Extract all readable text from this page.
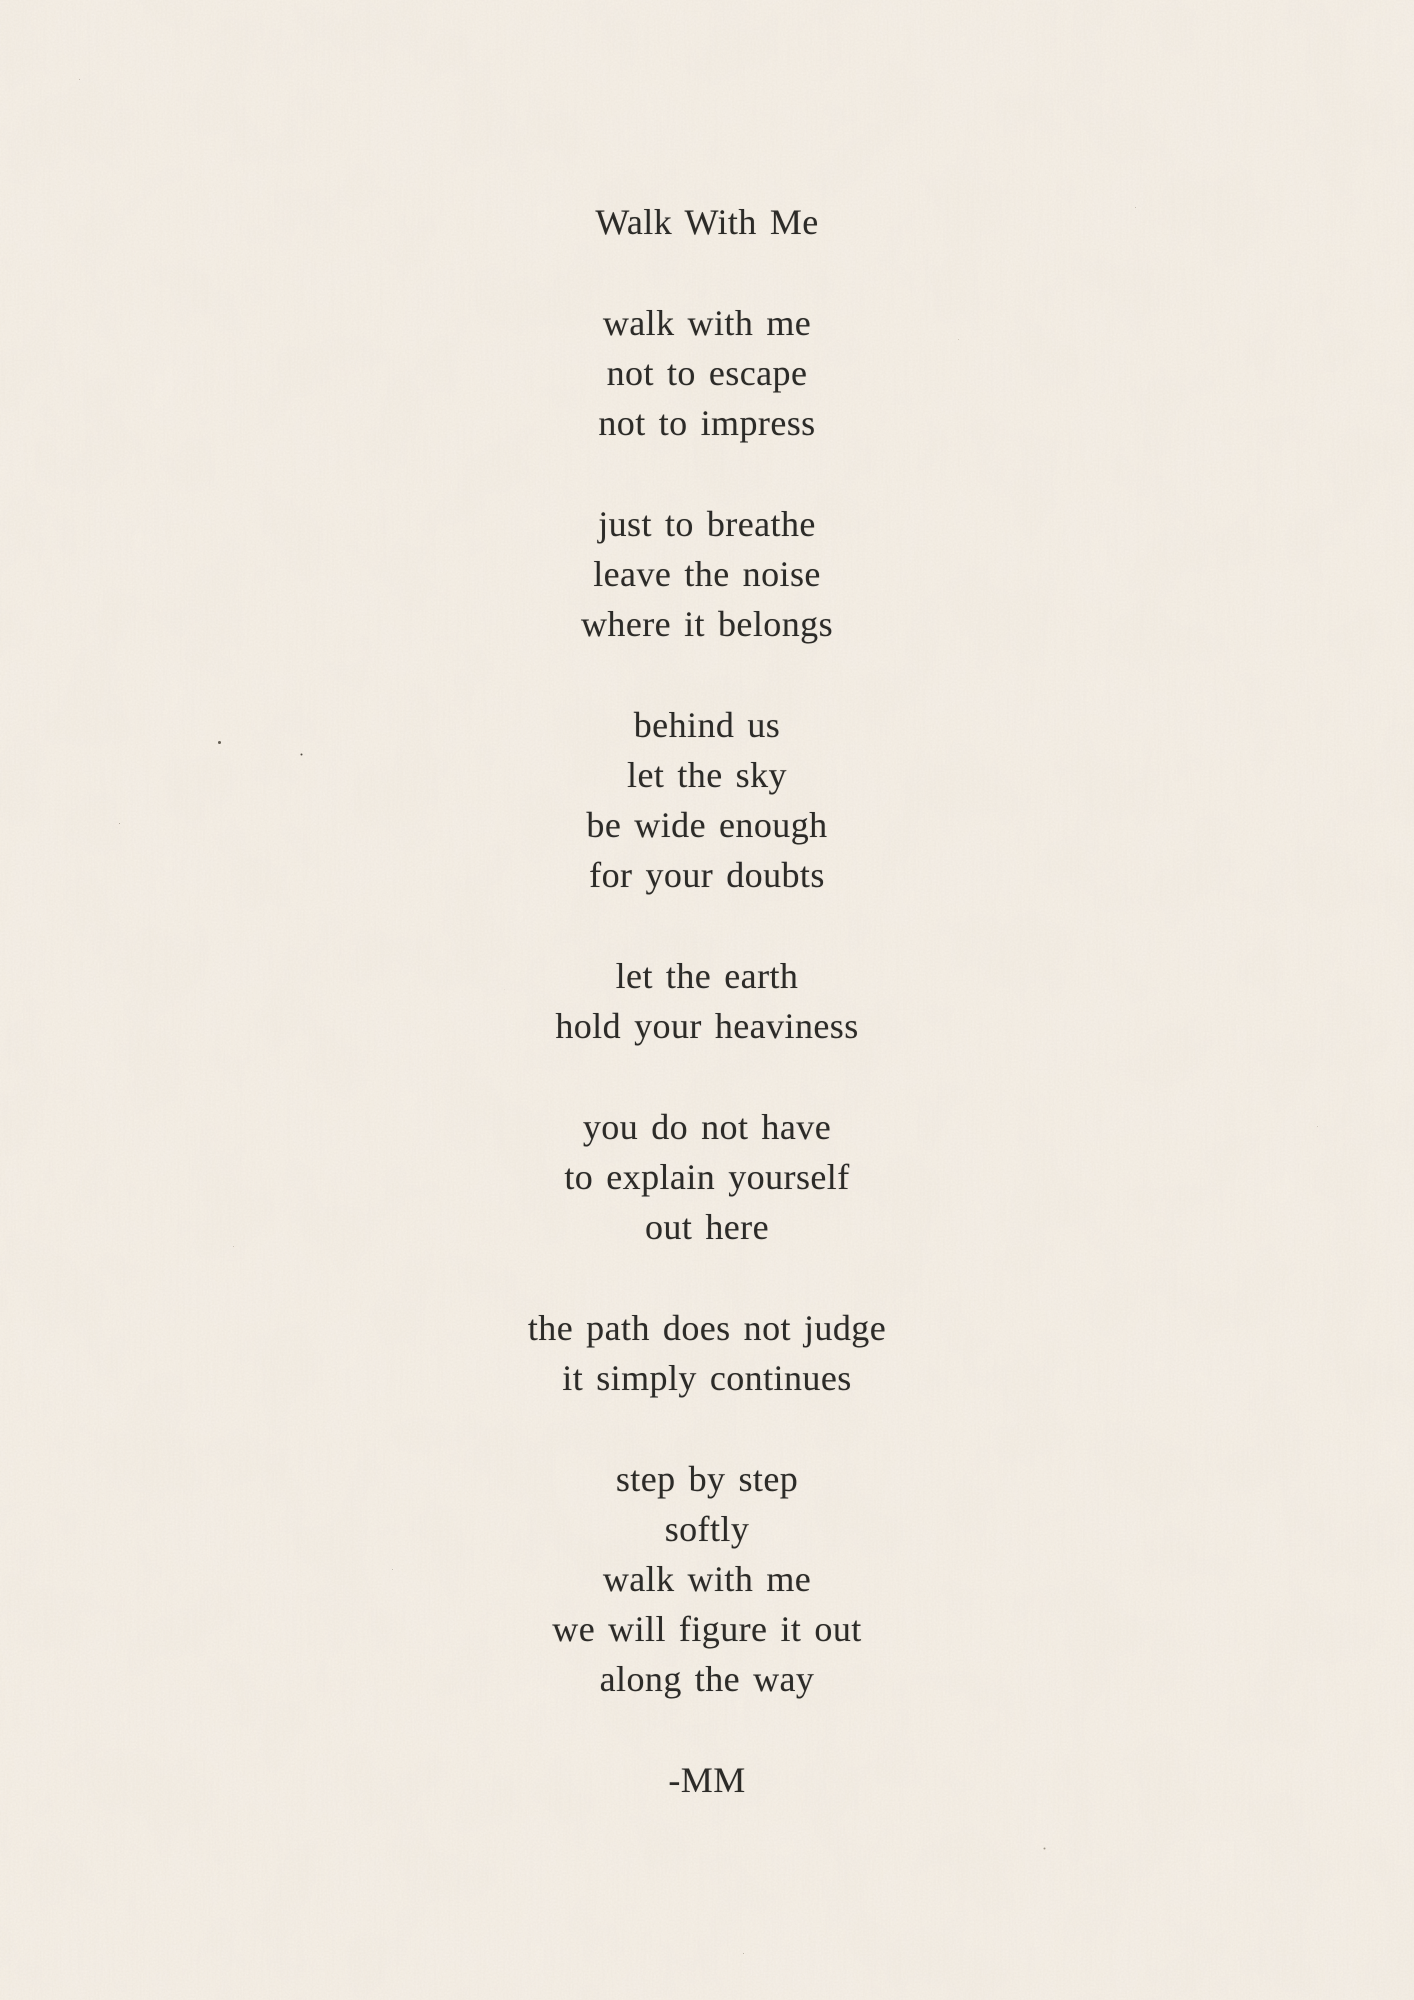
Walk With Me

walk with me

not to escape

not to impress

just to breathe

leave the noise

where it belongs

behind us

let the sky

be wide enough

for your doubts

let the earth

hold your heaviness

you do not have

to explain yourself

out here

the path does not judge

it simply continues

step by step

softly

walk with me

we will figure it out

along the way

-MM
